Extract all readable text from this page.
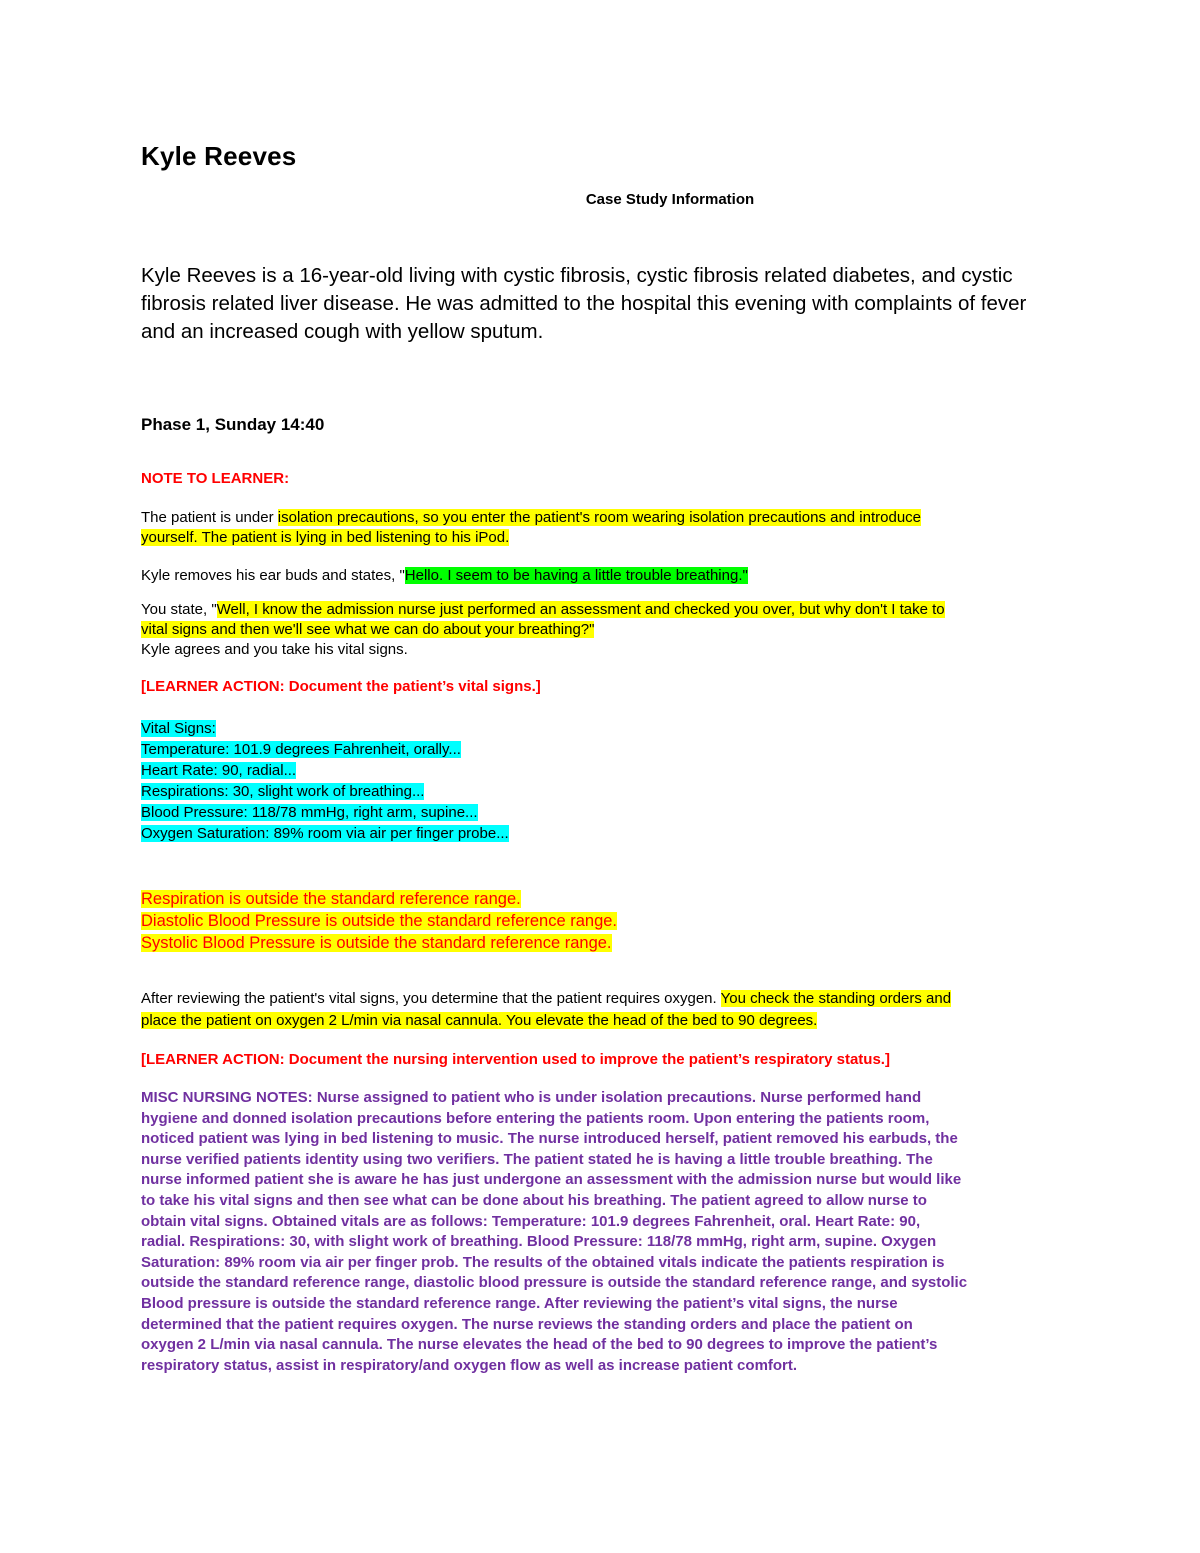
Kyle Reeves
Case Study Information
Kyle Reeves is a 16-year-old living with cystic fibrosis, cystic fibrosis related diabetes, and cystic fibrosis related liver disease. He was admitted to the hospital this evening with complaints of fever and an increased cough with yellow sputum.
Phase 1, Sunday 14:40
NOTE TO LEARNER:
The patient is under isolation precautions, so you enter the patient's room wearing isolation precautions and introduce
yourself. The patient is lying in bed listening to his iPod.
Kyle removes his ear buds and states, "Hello. I seem to be having a little trouble breathing."
You state, "Well, I know the admission nurse just performed an assessment and checked you over, but why don't I take to
vital signs and then we'll see what we can do about your breathing?"
Kyle agrees and you take his vital signs.
[LEARNER ACTION: Document the patient’s vital signs.]
Vital Signs:
Temperature: 101.9 degrees Fahrenheit, orally...
Heart Rate: 90, radial...
Respirations: 30, slight work of breathing...
Blood Pressure: 118/78 mmHg, right arm, supine...
Oxygen Saturation: 89% room via air per finger probe...
Respiration is outside the standard reference range.
Diastolic Blood Pressure is outside the standard reference range.
Systolic Blood Pressure is outside the standard reference range.
After reviewing the patient's vital signs, you determine that the patient requires oxygen. You check the standing orders and
place the patient on oxygen 2 L/min via nasal cannula. You elevate the head of the bed to 90 degrees.
[LEARNER ACTION: Document the nursing intervention used to improve the patient’s respiratory status.]
MISC NURSING NOTES: Nurse assigned to patient who is under isolation precautions. Nurse performed hand
hygiene and donned isolation precautions before entering the patients room. Upon entering the patients room,
noticed patient was lying in bed listening to music. The nurse introduced herself, patient removed his earbuds, the
nurse verified patients identity using two verifiers. The patient stated he is having a little trouble breathing. The
nurse informed patient she is aware he has just undergone an assessment with the admission nurse but would like
to take his vital signs and then see what can be done about his breathing. The patient agreed to allow nurse to
obtain vital signs. Obtained vitals are as follows: Temperature: 101.9 degrees Fahrenheit, oral. Heart Rate: 90,
radial. Respirations: 30, with slight work of breathing. Blood Pressure: 118/78 mmHg, right arm, supine. Oxygen
Saturation: 89% room via air per finger prob. The results of the obtained vitals indicate the patients respiration is
outside the standard reference range, diastolic blood pressure is outside the standard reference range, and systolic
Blood pressure is outside the standard reference range. After reviewing the patient’s vital signs, the nurse
determined that the patient requires oxygen. The nurse reviews the standing orders and place the patient on
oxygen 2 L/min via nasal cannula. The nurse elevates the head of the bed to 90 degrees to improve the patient’s
respiratory status, assist in respiratory/and oxygen flow as well as increase patient comfort.
